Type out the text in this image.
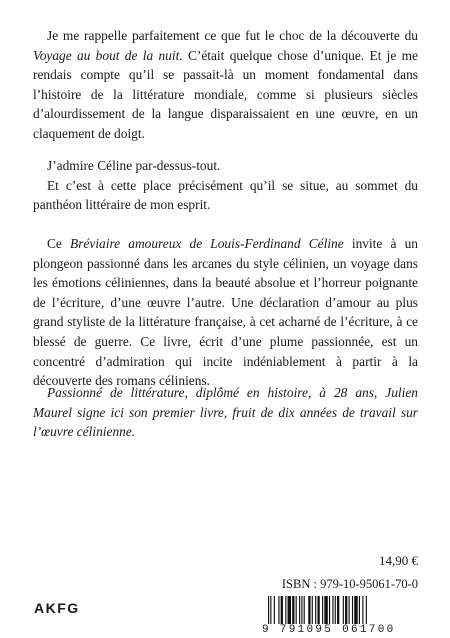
Je me rappelle parfaitement ce que fut le choc de la découverte du Voyage au bout de la nuit. C’était quelque chose d’unique. Et je me rendais compte qu’il se passait-là un moment fondamental dans l’histoire de la littérature mondiale, comme si plusieurs siècles d’alourdissement de la langue disparaissaient en une œuvre, en un claquement de doigt.

J’admire Céline par-dessus-tout.

Et c’est à cette place précisément qu’il se situe, au sommet du panthéon littéraire de mon esprit.

Ce Bréviaire amoureux de Louis-Ferdinand Céline invite à un plongeon passionné dans les arcanes du style célinien, un voyage dans les émotions céliniennes, dans la beauté absolue et l’horreur poignante de l’écriture, d’une œuvre l’autre. Une déclaration d’amour au plus grand styliste de la littérature française, à cet acharné de l’écriture, à ce blessé de guerre. Ce livre, écrit d’une plume passionnée, est un concentré d’admiration qui incite indéniablement à partir à la découverte des romans céliniens.

Passionné de littérature, diplômé en histoire, à 28 ans, Julien Maurel signe ici son premier livre, fruit de dix années de travail sur l’œuvre célinienne.

14,90 €
ISBN : 979-10-95061-70-0
AKFG
9 791095 061700
